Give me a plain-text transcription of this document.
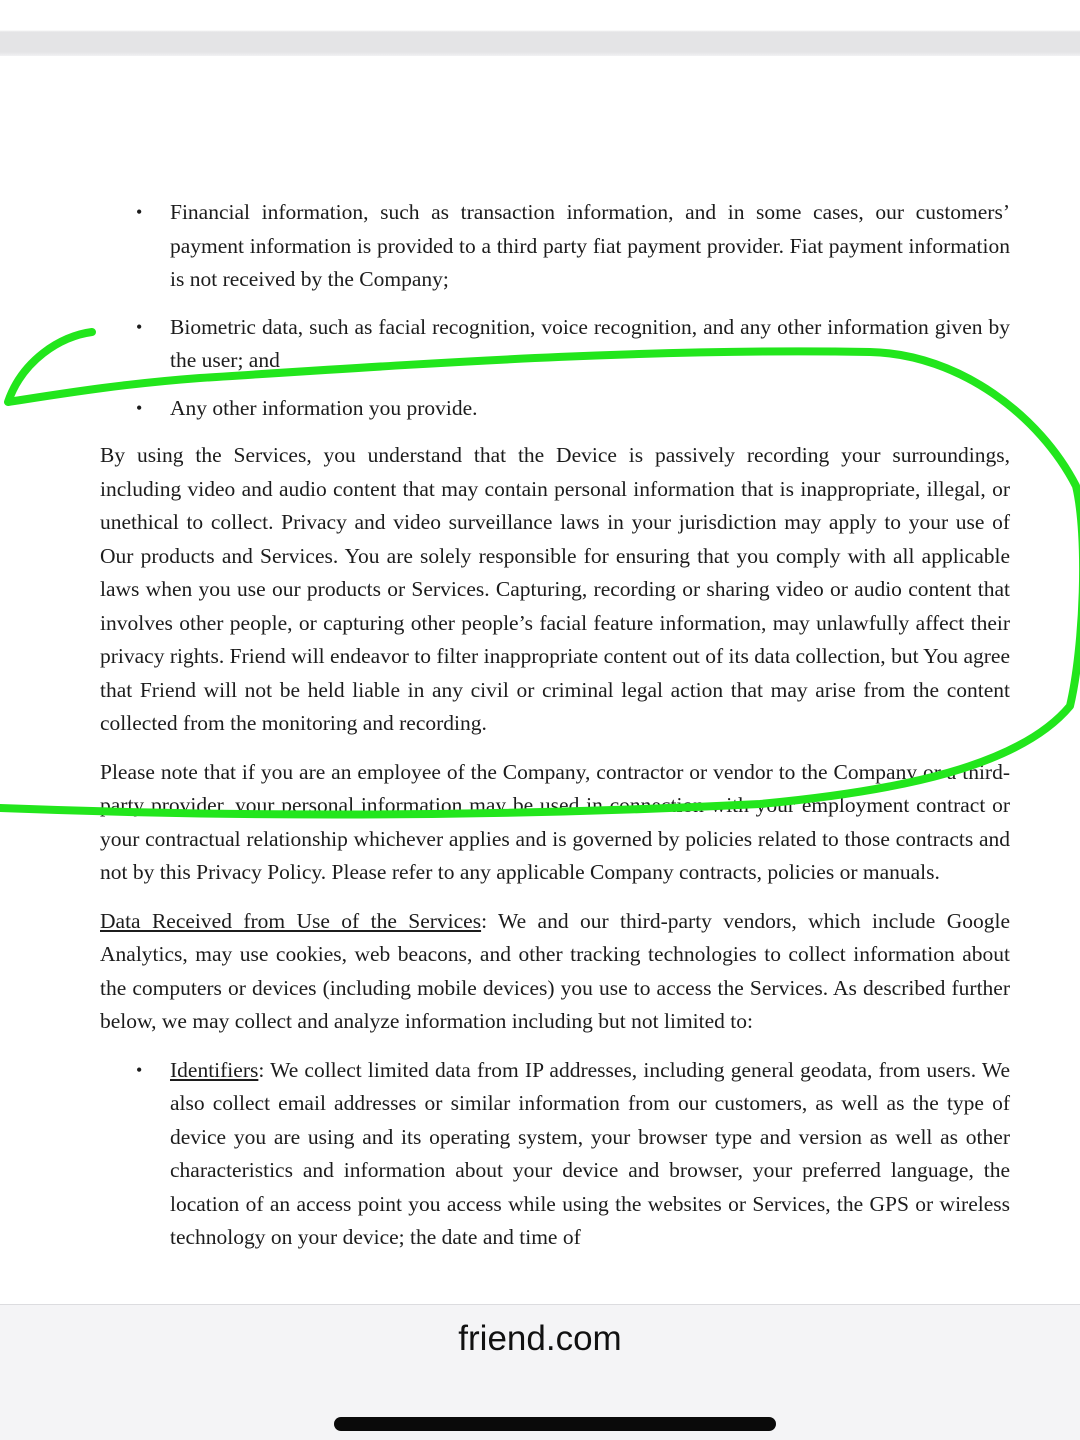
• Financial information, such as transaction information, and in some cases, our customers’ payment information is provided to a third party fiat payment provider. Fiat payment information is not received by the Company;
• Biometric data, such as facial recognition, voice recognition, and any other information given by the user; and
• Any other information you provide.

By using the Services, you understand that the Device is passively recording your surroundings, including video and audio content that may contain personal information that is inappropriate, illegal, or unethical to collect. Privacy and video surveillance laws in your jurisdiction may apply to your use of Our products and Services. You are solely responsible for ensuring that you comply with all applicable laws when you use our products or Services. Capturing, recording or sharing video or audio content that involves other people, or capturing other people’s facial feature information, may unlawfully affect their privacy rights. Friend will endeavor to filter inappropriate content out of its data collection, but You agree that Friend will not be held liable in any civil or criminal legal action that may arise from the content collected from the monitoring and recording.

Please note that if you are an employee of the Company, contractor or vendor to the Company or a third-party provider, your personal information may be used in connection with your employment contract or your contractual relationship whichever applies and is governed by policies related to those contracts and not by this Privacy Policy. Please refer to any applicable Company contracts, policies or manuals.

Data Received from Use of the Services: We and our third-party vendors, which include Google Analytics, may use cookies, web beacons, and other tracking technologies to collect information about the computers or devices (including mobile devices) you use to access the Services. As described further below, we may collect and analyze information including but not limited to:

• Identifiers: We collect limited data from IP addresses, including general geodata, from users. We also collect email addresses or similar information from our customers, as well as the type of device you are using and its operating system, your browser type and version as well as other characteristics and information about your device and browser, your preferred language, the location of an access point you access while using the websites or Services, the GPS or wireless technology on your device; the date and time of
friend.com
